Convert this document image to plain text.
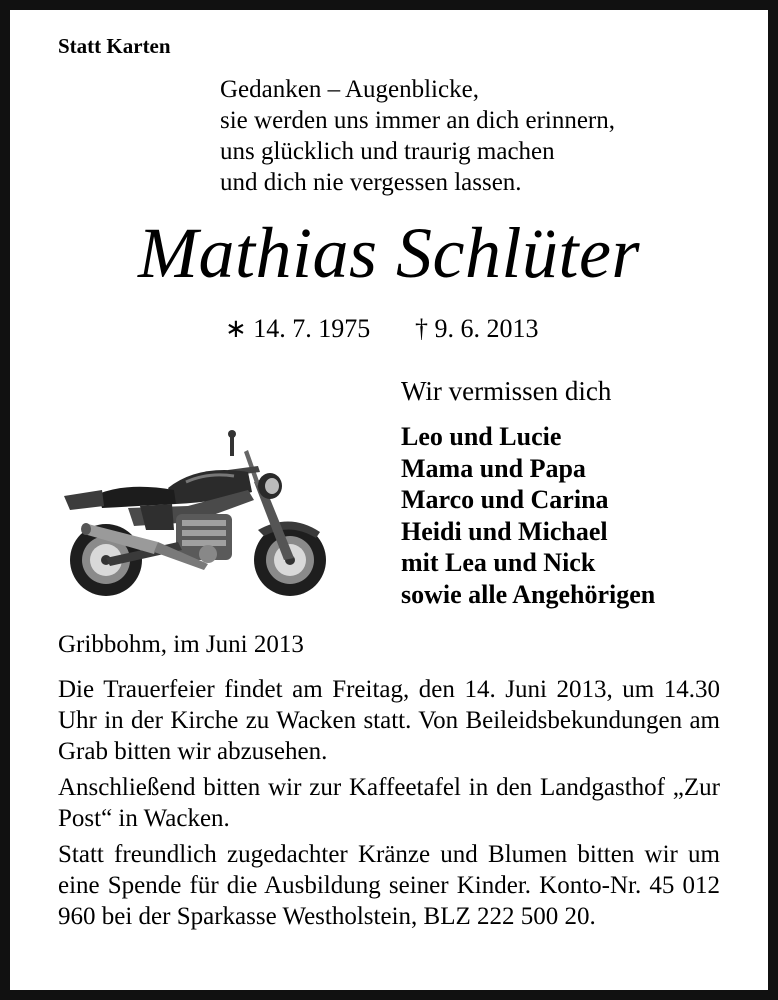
Statt Karten
Gedanken – Augenblicke,
sie werden uns immer an dich erinnern,
uns glücklich und traurig machen
und dich nie vergessen lassen.
Mathias Schlüter
∗ 14. 7. 1975 † 9. 6. 2013
Wir vermissen dich
Leo und Lucie
Mama und Papa
Marco und Carina
Heidi und Michael
mit Lea und Nick
sowie alle Angehörigen
Gribbohm, im Juni 2013

Die Trauerfeier findet am Freitag, den 14. Juni 2013, um 14.30 Uhr in der Kirche zu Wacken statt. Von Beileidsbekundungen am Grab bitten wir abzusehen.

Anschließend bitten wir zur Kaffeetafel in den Landgasthof „Zur Post“ in Wacken.

Statt freundlich zugedachter Kränze und Blumen bitten wir um eine Spende für die Ausbildung seiner Kinder. Konto-Nr. 45 012 960 bei der Sparkasse Westholstein, BLZ 222 500 20.
